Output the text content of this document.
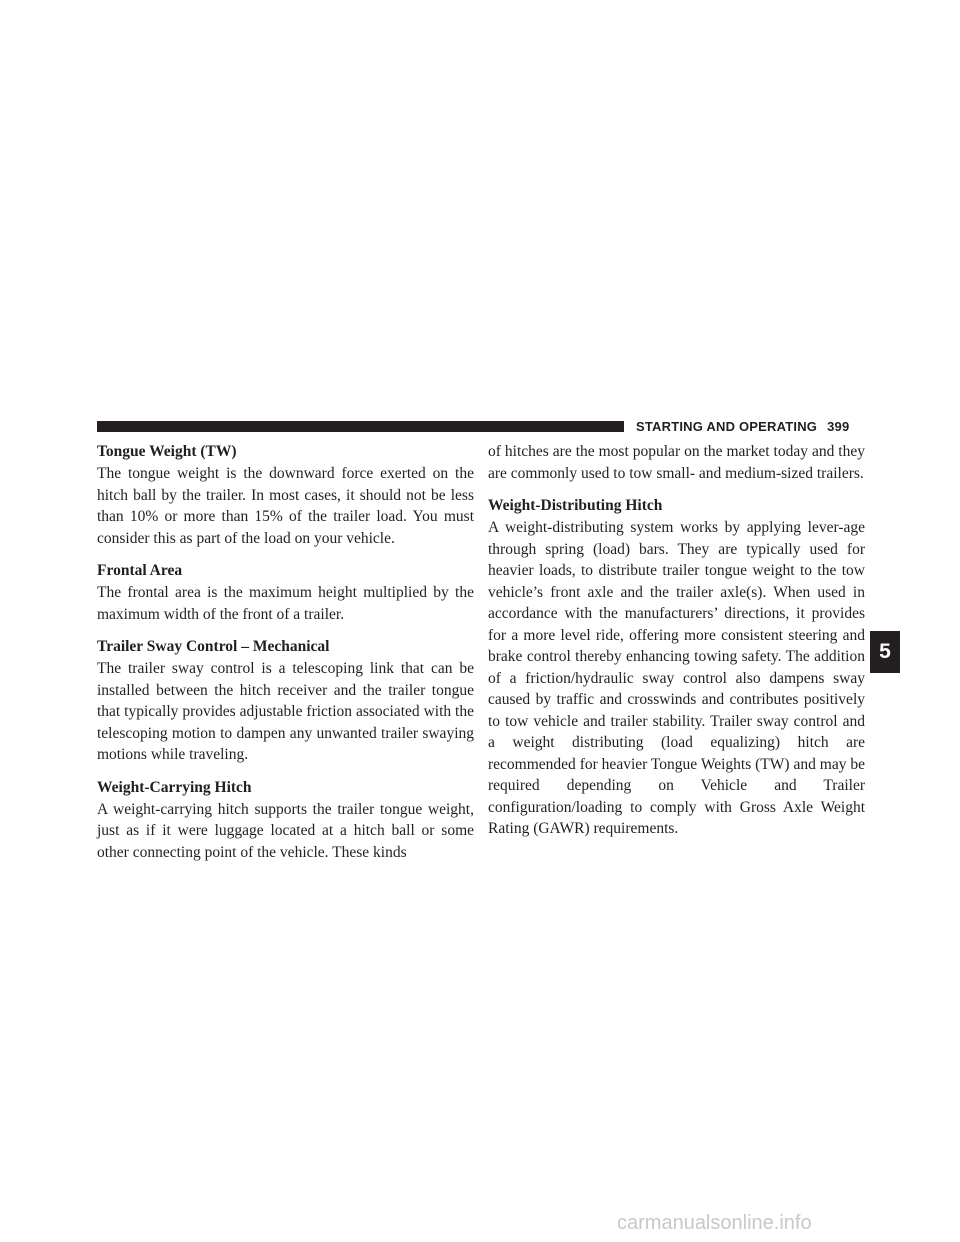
STARTING AND OPERATING 399
Tongue Weight (TW)

The tongue weight is the downward force exerted on the hitch ball by the trailer. In most cases, it should not be less than 10% or more than 15% of the trailer load. You must consider this as part of the load on your vehicle.

Frontal Area

The frontal area is the maximum height multiplied by the maximum width of the front of a trailer.

Trailer Sway Control – Mechanical

The trailer sway control is a telescoping link that can be installed between the hitch receiver and the trailer tongue that typically provides adjustable friction associated with the telescoping motion to dampen any unwanted trailer swaying motions while traveling.

Weight-Carrying Hitch

A weight-carrying hitch supports the trailer tongue weight, just as if it were luggage located at a hitch ball or some other connecting point of the vehicle. These kinds

of hitches are the most popular on the market today and they are commonly used to tow small- and medium-sized trailers.

Weight-Distributing Hitch

A weight-distributing system works by applying lever-age through spring (load) bars. They are typically used for heavier loads, to distribute trailer tongue weight to the tow vehicle’s front axle and the trailer axle(s). When used in accordance with the manufacturers’ directions, it provides for a more level ride, offering more consistent steering and brake control thereby enhancing towing safety. The addition of a friction/hydraulic sway control also dampens sway caused by traffic and crosswinds and contributes positively to tow vehicle and trailer stability. Trailer sway control and a weight distributing (load equalizing) hitch are recommended for heavier Tongue Weights (TW) and may be required depending on Vehicle and Trailer configuration/loading to comply with Gross Axle Weight Rating (GAWR) requirements.

5
carmanualsonline.info
